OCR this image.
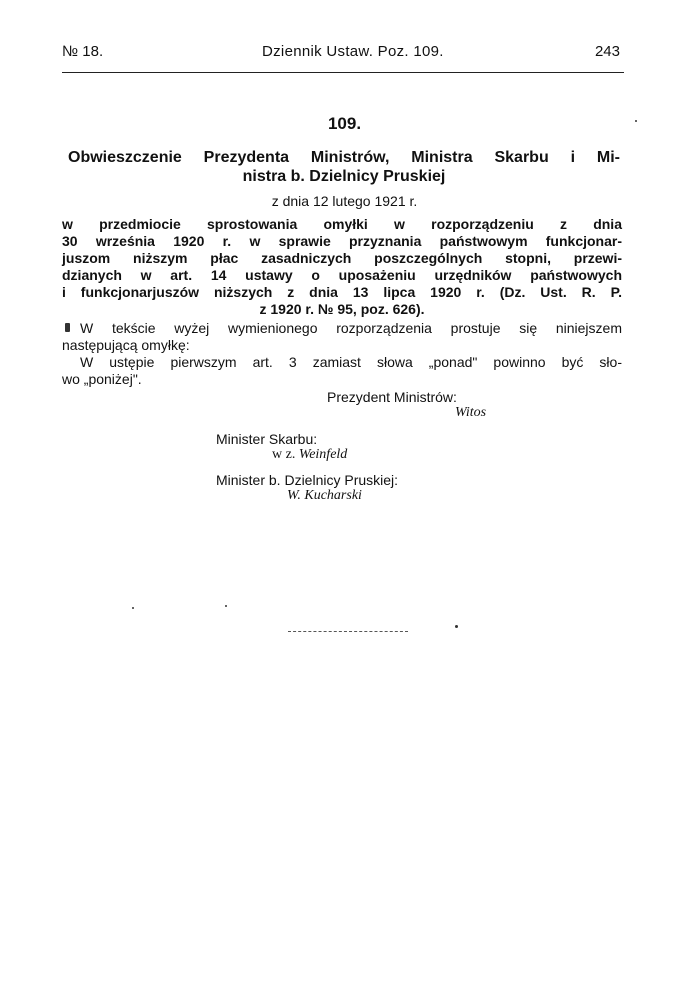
№ 18.	Dziennik Ustaw. Poz. 109.	243
109.
Obwieszczenie Prezydenta Ministrów, Ministra Skarbu i Mi-
nistra b. Dzielnicy Pruskiej
z dnia 12 lutego 1921 r.
w przedmiocie sprostowania omyłki w rozporządzeniu z dnia
30 września 1920 r. w sprawie przyznania państwowym funkcjonar-
juszom niższym płac zasadniczych poszczególnych stopni, przewi-
dzianych w art. 14 ustawy o uposażeniu urzędników państwowych
i funkcjonarjuszów niższych z dnia 13 lipca 1920 r. (Dz. Ust. R. P.
z 1920 r. № 95, poz. 626).
W tekście wyżej wymienionego rozporządzenia prostuje się niniejszem
następującą omyłkę:
W ustępie pierwszym art. 3 zamiast słowa „ponad" powinno być sło-
wo „poniżej".
Prezydent Ministrów:
Witos
Minister Skarbu:
w z. Weinfeld
Minister b. Dzielnicy Pruskiej:
W. Kucharski
